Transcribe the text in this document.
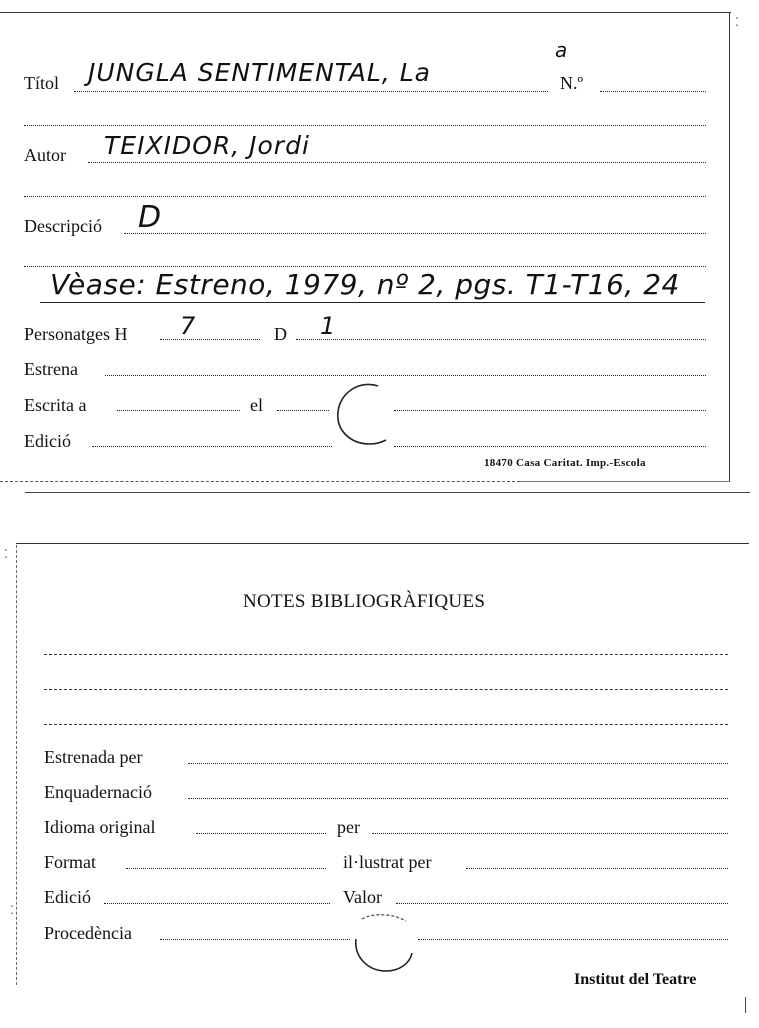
Títol JUNGLA SENTIMENTAL, La
a
N.º
Autor TEIXIDOR, Jordi
Descripció D
Vèase: Estreno, 1979, nº 2, pgs. T1-T16, 24
Personatges H 7	D 1
Estrena
Escrita a	el
Edició
18470 Casa Caritat. Imp.-Escola
⁚
NOTES BIBLIOGRÀFIQUES
Estrenada per
Enquadernació
Idioma original	per
Format	il·lustrat per
Edició	Valor
Procedència
Institut del Teatre
⁚
⁚
